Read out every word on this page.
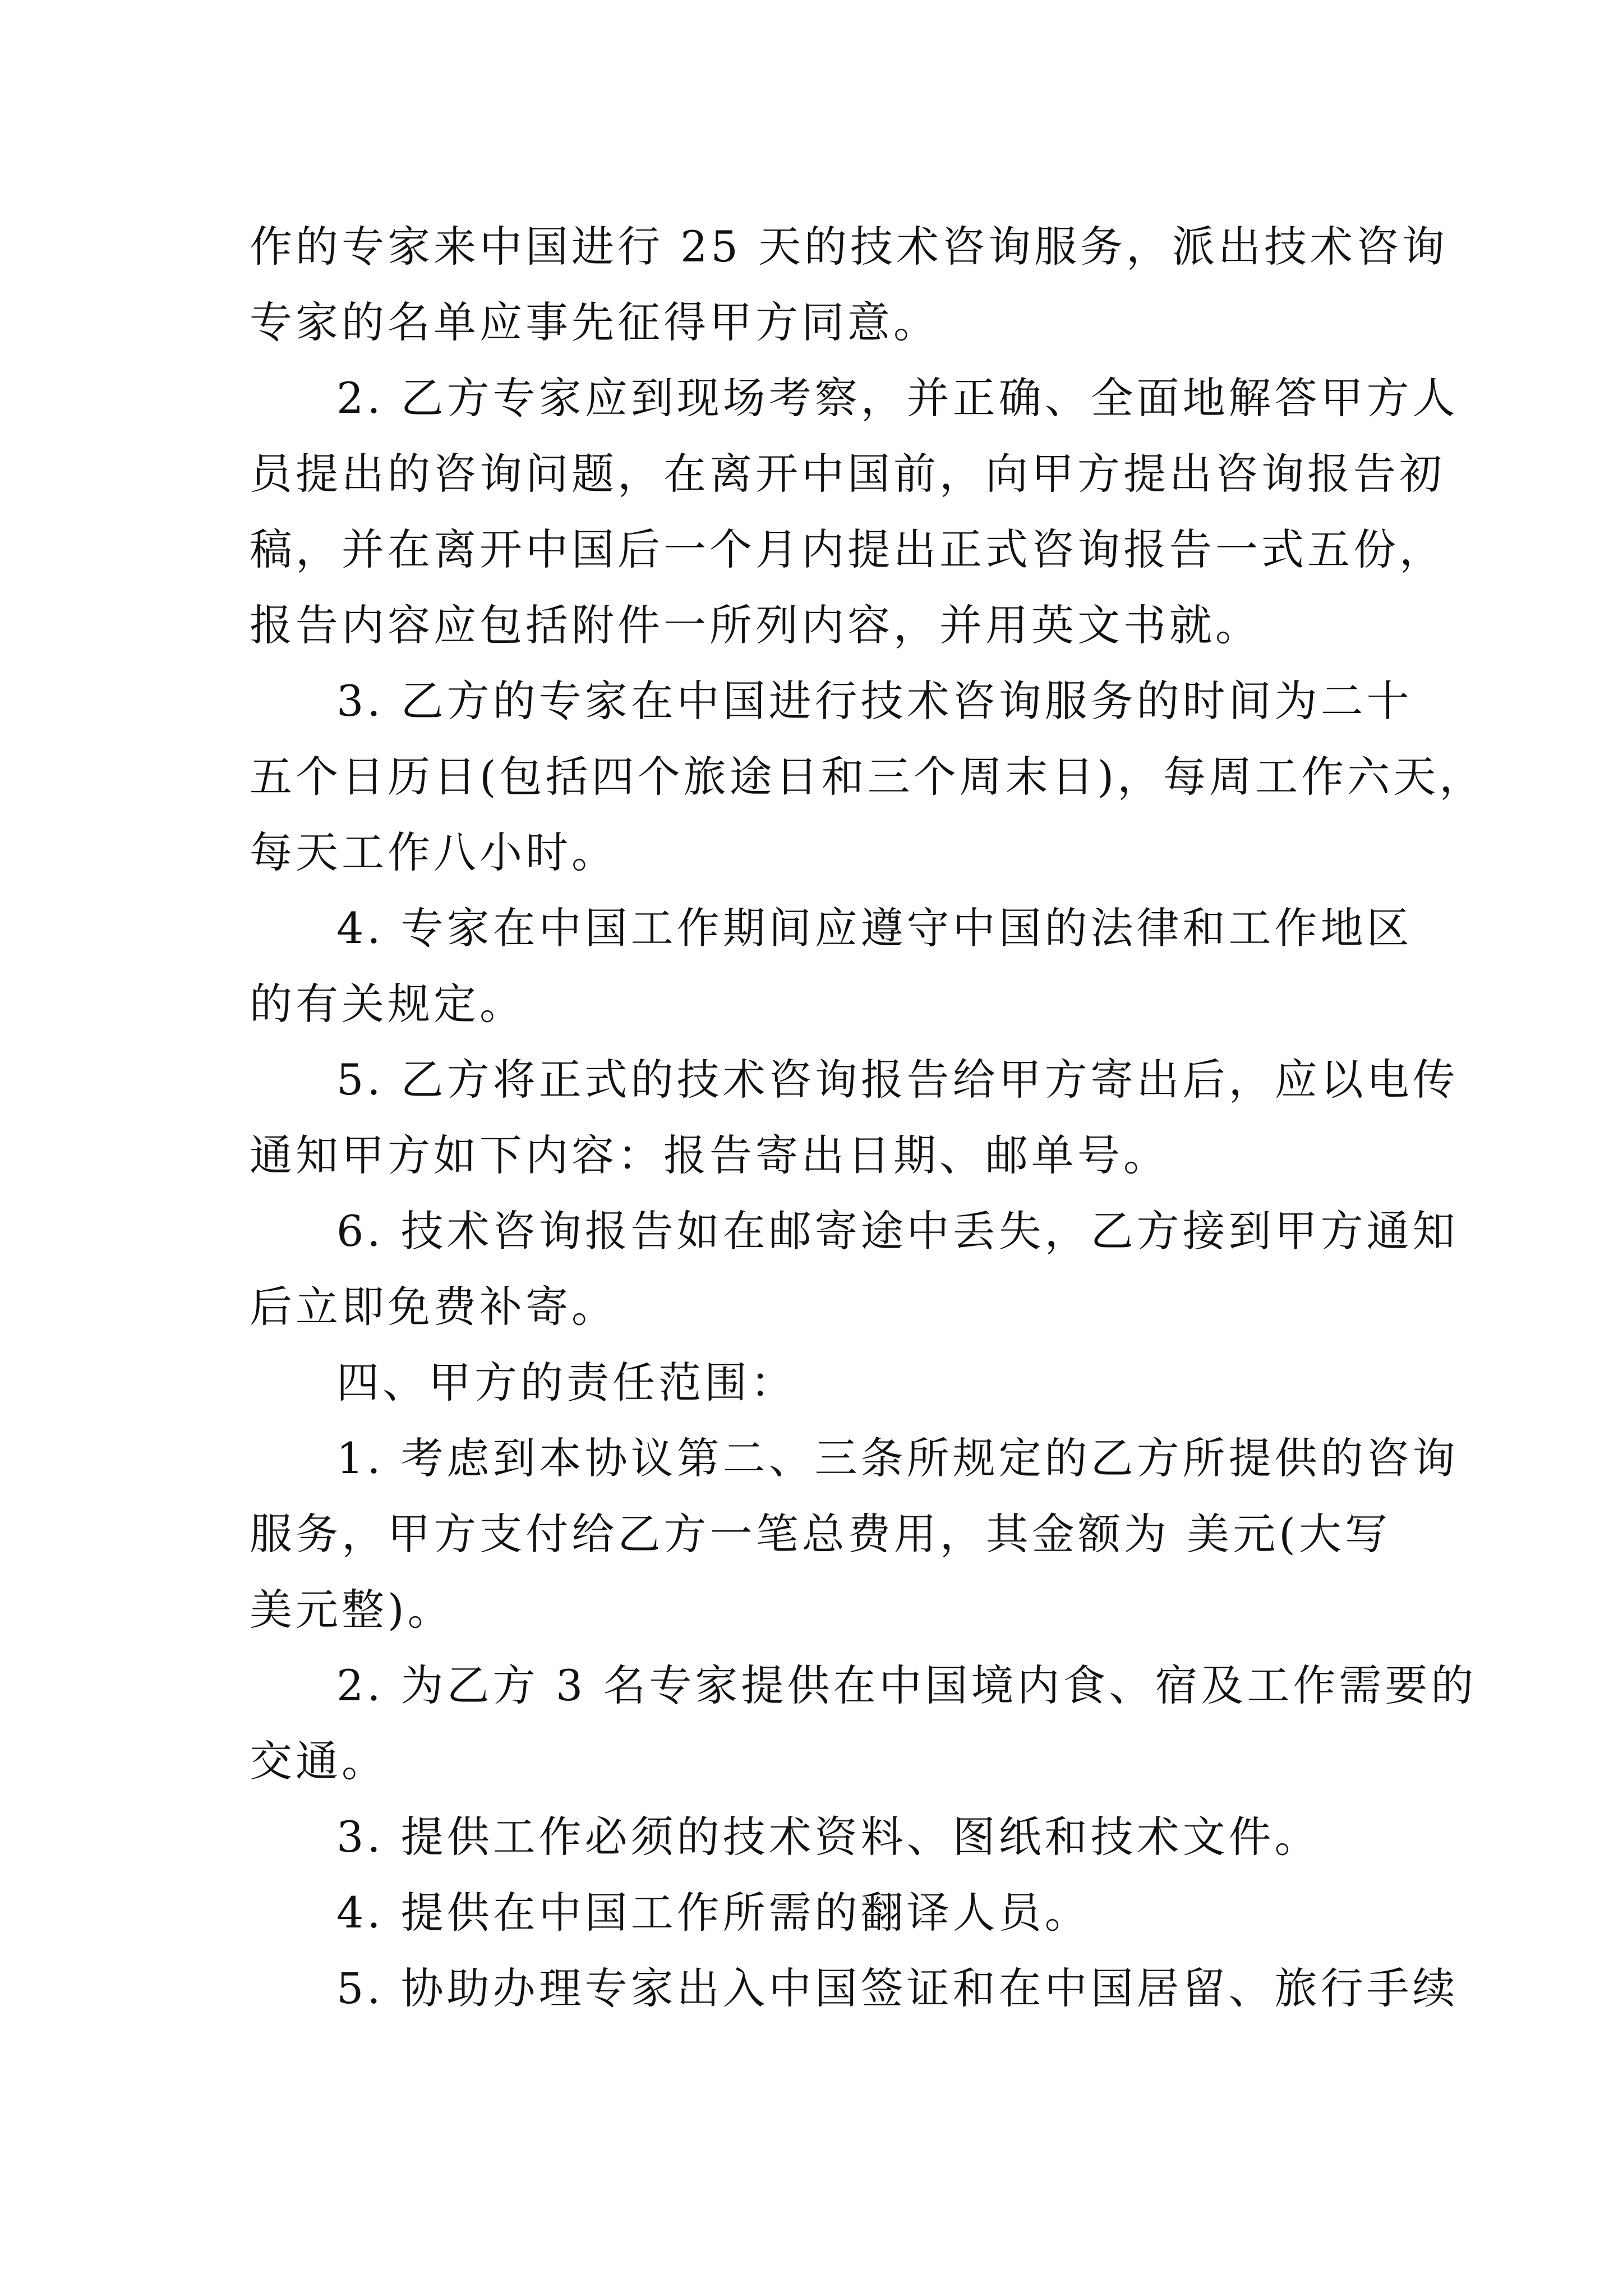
作的专家来中国进行 25 天的技术咨询服务，派出技术咨询
专家的名单应事先征得甲方同意。
2. 乙方专家应到现场考察，并正确、全面地解答甲方人
员提出的咨询问题，在离开中国前，向甲方提出咨询报告初
稿，并在离开中国后一个月内提出正式咨询报告一式五份，
报告内容应包括附件一所列内容，并用英文书就。
3. 乙方的专家在中国进行技术咨询服务的时间为二十
五个日历日(包括四个旅途日和三个周末日)，每周工作六天，
每天工作八小时。
4. 专家在中国工作期间应遵守中国的法律和工作地区
的有关规定。
5. 乙方将正式的技术咨询报告给甲方寄出后，应以电传
通知甲方如下内容：报告寄出日期、邮单号。
6. 技术咨询报告如在邮寄途中丢失，乙方接到甲方通知
后立即免费补寄。
四、甲方的责任范围：
1. 考虑到本协议第二、三条所规定的乙方所提供的咨询
服务，甲方支付给乙方一笔总费用，其金额为 美元(大写
美元整)。
2. 为乙方 3 名专家提供在中国境内食、宿及工作需要的
交通。
3. 提供工作必须的技术资料、图纸和技术文件。
4. 提供在中国工作所需的翻译人员。
5. 协助办理专家出入中国签证和在中国居留、旅行手续
